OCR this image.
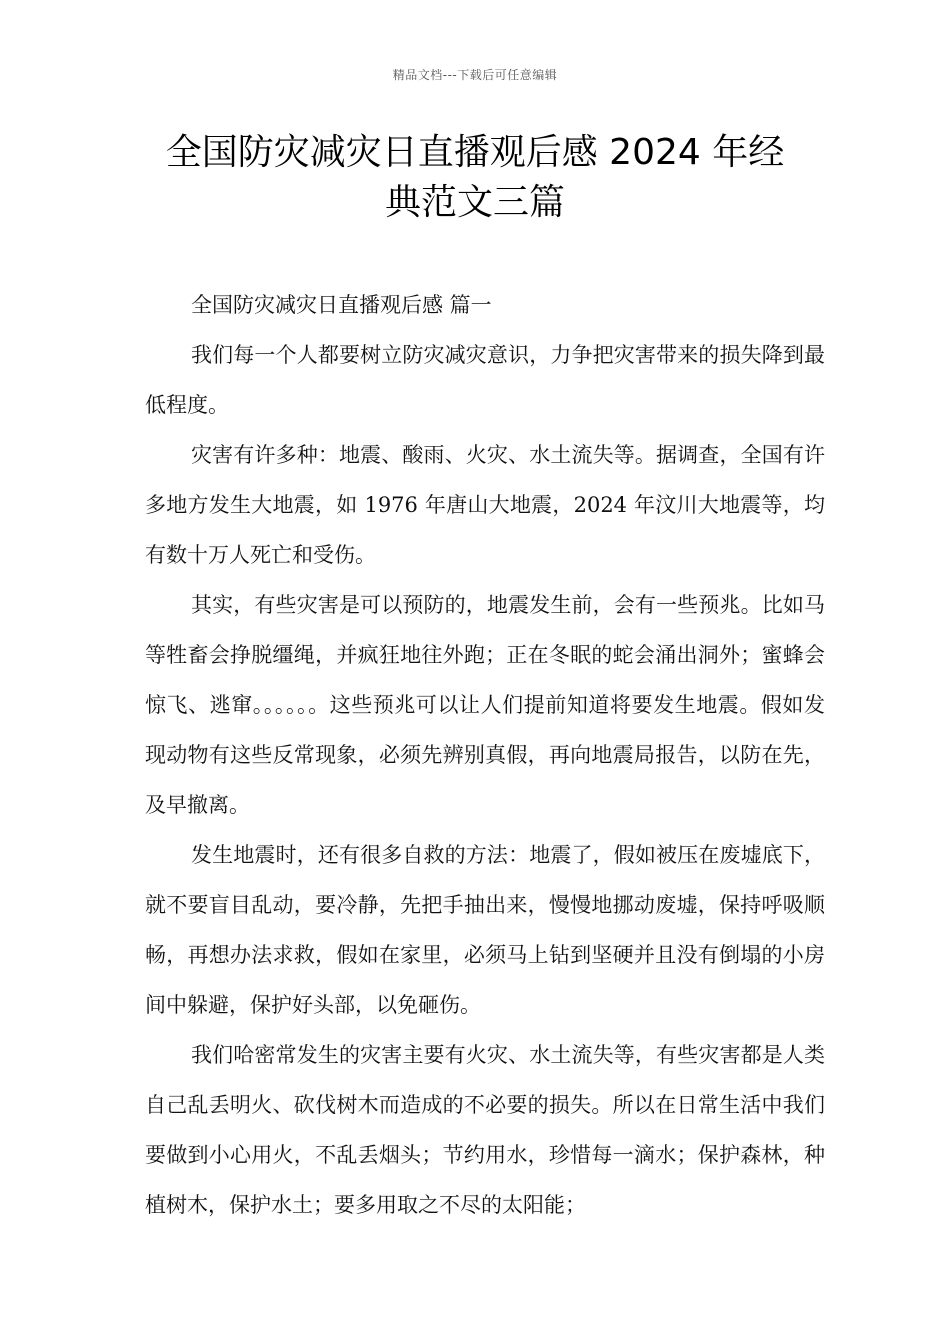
精品文档---下载后可任意编辑
全国防灾减灾日直播观后感 2024 年经
典范文三篇
全国防灾减灾日直播观后感 篇一

我们每一个人都要树立防灾减灾意识，力争把灾害带来的损失降到最低程度。

灾害有许多种：地震、酸雨、火灾、水土流失等。据调查，全国有许多地方发生大地震，如 1976 年唐山大地震，2024 年汶川大地震等，均有数十万人死亡和受伤。

其实，有些灾害是可以预防的，地震发生前，会有一些预兆。比如马等牲畜会挣脱缰绳，并疯狂地往外跑；正在冬眠的蛇会涌出洞外；蜜蜂会惊飞、逃窜。。。。。。这些预兆可以让人们提前知道将要发生地震。假如发现动物有这些反常现象，必须先辨别真假，再向地震局报告，以防在先，及早撤离。

发生地震时，还有很多自救的方法：地震了，假如被压在废墟底下，就不要盲目乱动，要冷静，先把手抽出来，慢慢地挪动废墟，保持呼吸顺畅，再想办法求救，假如在家里，必须马上钻到坚硬并且没有倒塌的小房间中躲避，保护好头部，以免砸伤。

我们哈密常发生的灾害主要有火灾、水土流失等，有些灾害都是人类自己乱丢明火、砍伐树木而造成的不必要的损失。所以在日常生活中我们要做到小心用火，不乱丢烟头；节约用水，珍惜每一滴水；保护森林，种植树木，保护水土；要多用取之不尽的太阳能；
